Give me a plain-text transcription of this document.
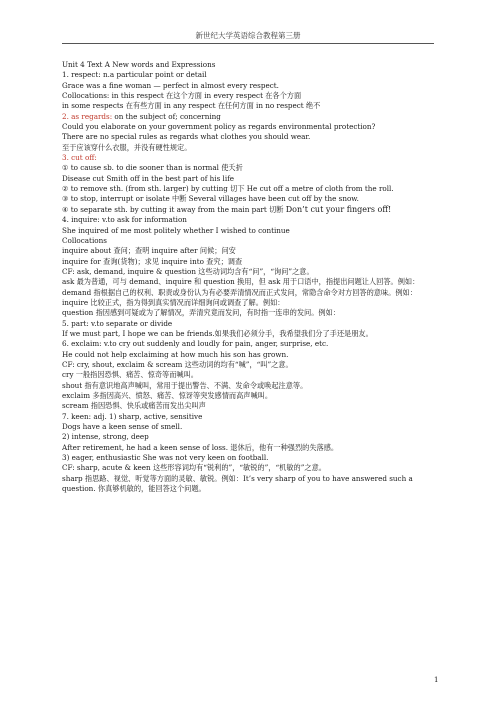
新世纪大学英语综合教程第三册
Unit 4 Text A New words and Expressions
1. respect: n.a particular point or detail
Grace was a fine woman — perfect in almost every respect.
Collocations: in this respect 在这个方面 in every respect 在各个方面
in some respects 在有些方面 in any respect 在任何方面 in no respect 绝不
2. as regards: on the subject of; concerning
Could you elaborate on your government policy as regards environmental protection?
There are no special rules as regards what clothes you should wear.
至于应该穿什么衣服，并没有硬性规定。
3. cut off:
① to cause sb. to die sooner than is normal 使夭折
Disease cut Smith off in the best part of his life
② to remove sth. (from sth. larger) by cutting 切下 He cut off a metre of cloth from the roll.
③ to stop, interrupt or isolate 中断 Several villages have been cut off by the snow.
④ to separate sth. by cutting it away from the main part 切断 Don’t cut your fingers off!
4. inquire: v.to ask for information
She inquired of me most politely whether I wished to continue
Collocations
inquire about 查问；查明 inquire after 问候；问安
inquire for 查询(货物)；求见 inquire into 查究；调查
CF: ask, demand, inquire & question 这些动词均含有“问”，“询问”之意。
ask 最为普通，可与 demand、inquire 和 question 换用，但 ask 用于口语中，指提出问题让人回答。例如：
demand 指根据自己的权利、职责或身份认为有必要弄清情况而正式发问，常隐含命令对方回答的意味。例如：
inquire 比较正式，指为得到真实情况而详细询问或调查了解。例如：
question 指因感到可疑或为了解情况，弄清究竟而发问，有时指一连串的发问。例如：
5. part: v.to separate or divide
If we must part, I hope we can be friends.如果我们必须分手，我希望我们分了手还是朋友。
6. exclaim: v.to cry out suddenly and loudly for pain, anger, surprise, etc.
He could not help exclaiming at how much his son has grown.
CF: cry, shout, exclaim & scream 这些动词的均有“喊”，“叫”之意。
cry 一般指因恐惧、痛苦、惊奇等而喊叫。
shout 指有意识地高声喊叫，常用于提出警告、不满、发命令或唤起注意等。
exclaim 多指因高兴、愤怒、痛苦、惊讶等突发感情而高声喊叫。
scream 指因恐惧、快乐或痛苦而发出尖叫声
7. keen: adj. 1) sharp, active, sensitive
Dogs have a keen sense of smell.
2) intense, strong, deep
After retirement, he had a keen sense of loss. 退休后，他有一种强烈的失落感。
3) eager, enthusiastic She was not very keen on football.
CF: sharp, acute & keen 这些形容词均有“锐利的”，“敏锐的”，“机敏的”之意。
sharp 指思路、视觉、听觉等方面的灵敏、敏锐。例如：It’s very sharp of you to have answered such a question. 你真够机敏的，能回答这个问题。
1
